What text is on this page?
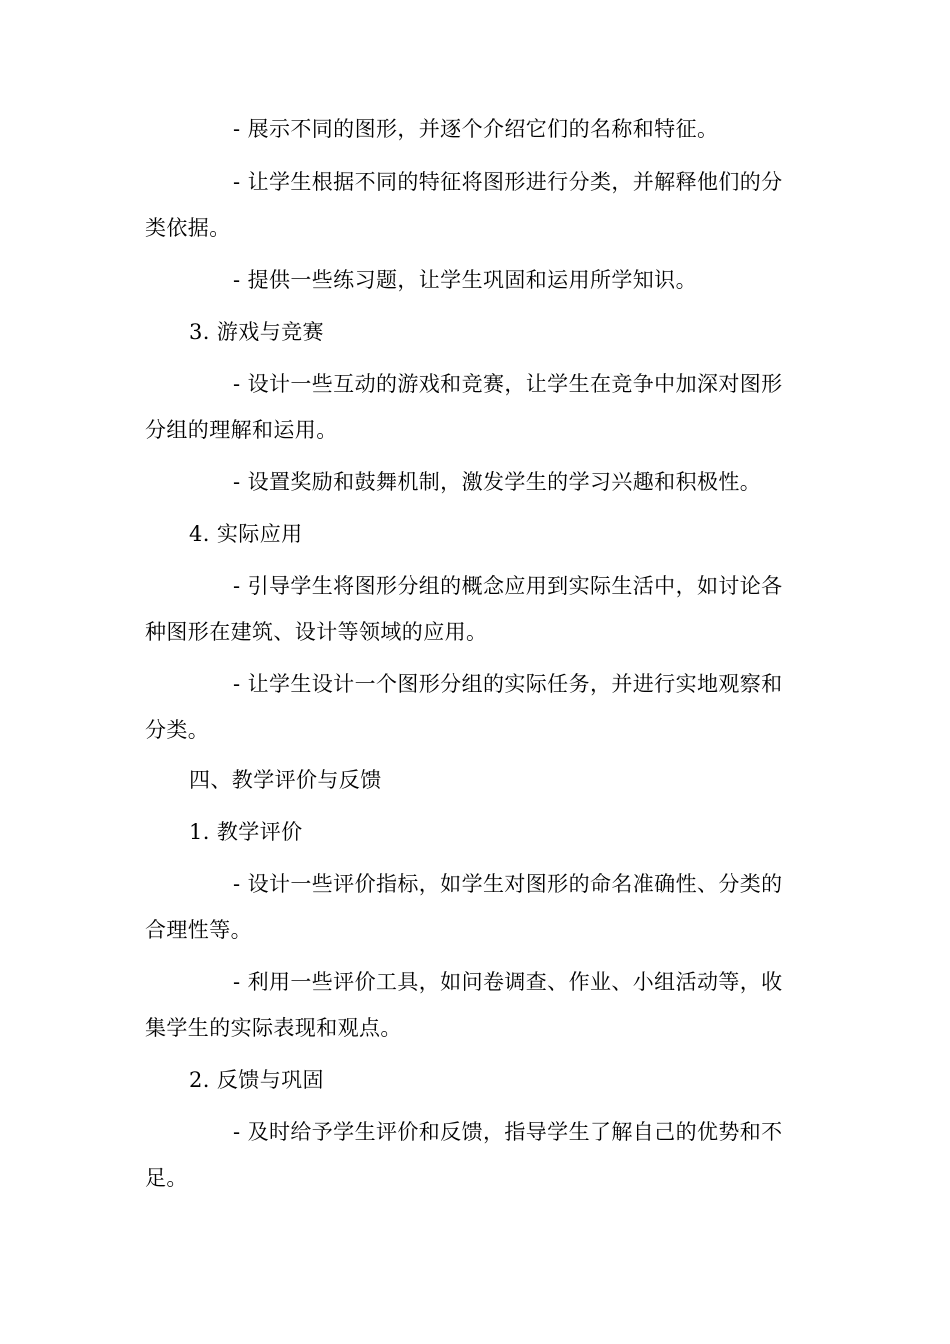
- 展示不同的图形，并逐个介绍它们的名称和特征。

- 让学生根据不同的特征将图形进行分类，并解释他们的分类依据。

- 提供一些练习题，让学生巩固和运用所学知识。

3. 游戏与竞赛

- 设计一些互动的游戏和竞赛，让学生在竞争中加深对图形分组的理解和运用。

- 设置奖励和鼓舞机制，激发学生的学习兴趣和积极性。

4. 实际应用

- 引导学生将图形分组的概念应用到实际生活中，如讨论各种图形在建筑、设计等领域的应用。

- 让学生设计一个图形分组的实际任务，并进行实地观察和分类。

四、教学评价与反馈

1. 教学评价

- 设计一些评价指标，如学生对图形的命名准确性、分类的合理性等。

- 利用一些评价工具，如问卷调查、作业、小组活动等，收集学生的实际表现和观点。

2. 反馈与巩固

- 及时给予学生评价和反馈，指导学生了解自己的优势和不足。
